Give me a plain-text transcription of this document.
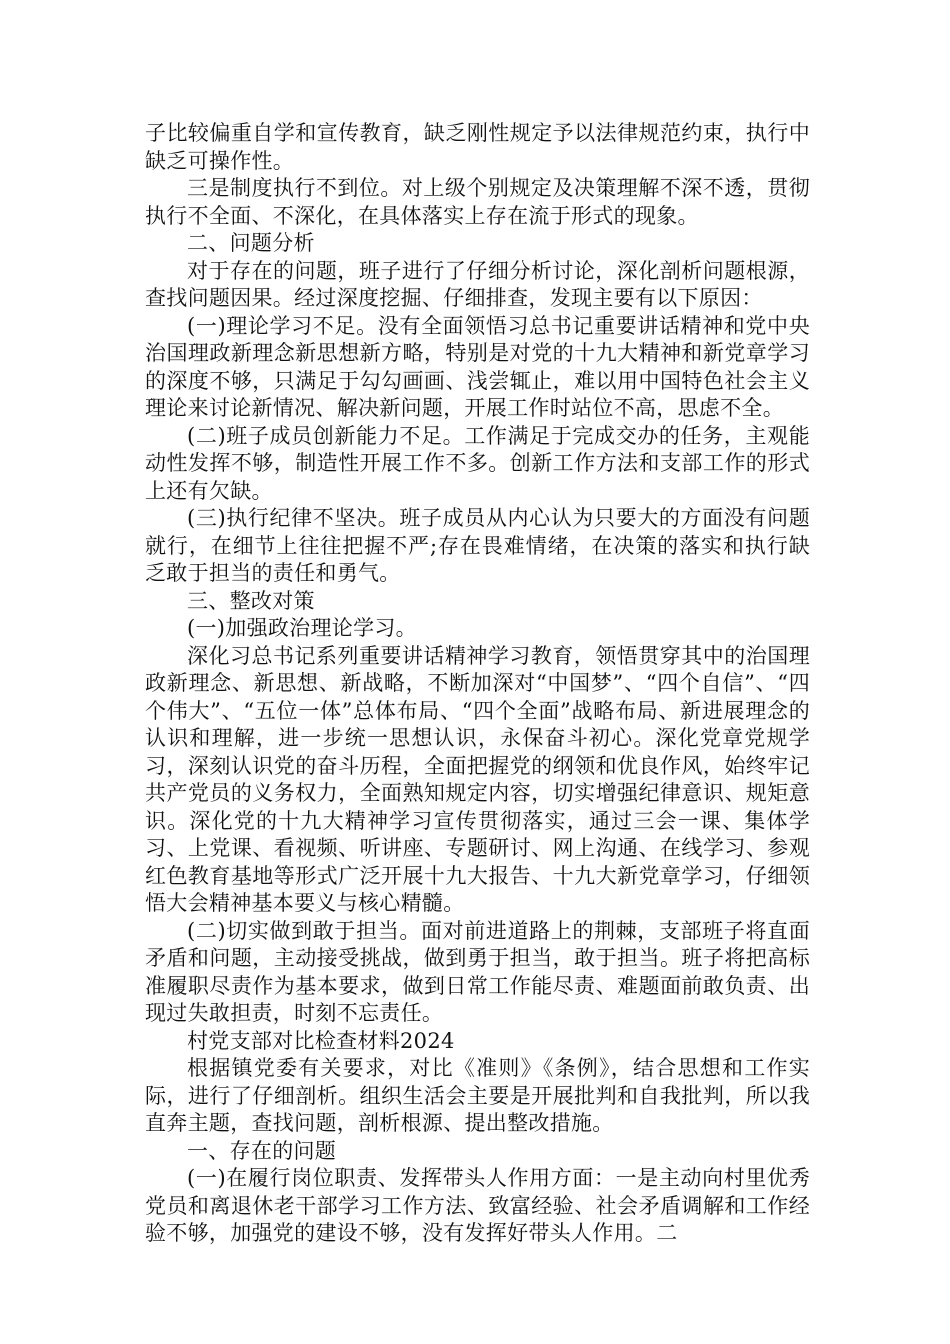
子比较偏重自学和宣传教育，缺乏刚性规定予以法律规范约束，执行中缺乏可操作性。

三是制度执行不到位。对上级个别规定及决策理解不深不透，贯彻执行不全面、不深化，在具体落实上存在流于形式的现象。

二、问题分析

对于存在的问题，班子进行了仔细分析讨论，深化剖析问题根源，查找问题因果。经过深度挖掘、仔细排查，发现主要有以下原因：

(一)理论学习不足。没有全面领悟习总书记重要讲话精神和党中央治国理政新理念新思想新方略，特别是对党的十九大精神和新党章学习的深度不够，只满足于勾勾画画、浅尝辄止，难以用中国特色社会主义理论来讨论新情况、解决新问题，开展工作时站位不高，思虑不全。

(二)班子成员创新能力不足。工作满足于完成交办的任务，主观能动性发挥不够，制造性开展工作不多。创新工作方法和支部工作的形式上还有欠缺。

(三)执行纪律不坚决。班子成员从内心认为只要大的方面没有问题就行，在细节上往往把握不严;存在畏难情绪，在决策的落实和执行缺乏敢于担当的责任和勇气。

三、整改对策

(一)加强政治理论学习。

深化习总书记系列重要讲话精神学习教育，领悟贯穿其中的治国理政新理念、新思想、新战略，不断加深对“中国梦”、“四个自信”、“四个伟大”、“五位一体”总体布局、“四个全面”战略布局、新进展理念的认识和理解，进一步统一思想认识，永保奋斗初心。深化党章党规学习，深刻认识党的奋斗历程，全面把握党的纲领和优良作风，始终牢记共产党员的义务权力，全面熟知规定内容，切实增强纪律意识、规矩意识。深化党的十九大精神学习宣传贯彻落实，通过三会一课、集体学习、上党课、看视频、听讲座、专题研讨、网上沟通、在线学习、参观红色教育基地等形式广泛开展十九大报告、十九大新党章学习，仔细领悟大会精神基本要义与核心精髓。

(二)切实做到敢于担当。面对前进道路上的荆棘，支部班子将直面矛盾和问题，主动接受挑战，做到勇于担当，敢于担当。班子将把高标准履职尽责作为基本要求，做到日常工作能尽责、难题面前敢负责、出现过失敢担责，时刻不忘责任。

村党支部对比检查材料2024

根据镇党委有关要求，对比《准则》《条例》，结合思想和工作实际，进行了仔细剖析。组织生活会主要是开展批判和自我批判，所以我直奔主题，查找问题，剖析根源、提出整改措施。

一、存在的问题

(一)在履行岗位职责、发挥带头人作用方面：一是主动向村里优秀党员和离退休老干部学习工作方法、致富经验、社会矛盾调解和工作经验不够，加强党的建设不够，没有发挥好带头人作用。二
